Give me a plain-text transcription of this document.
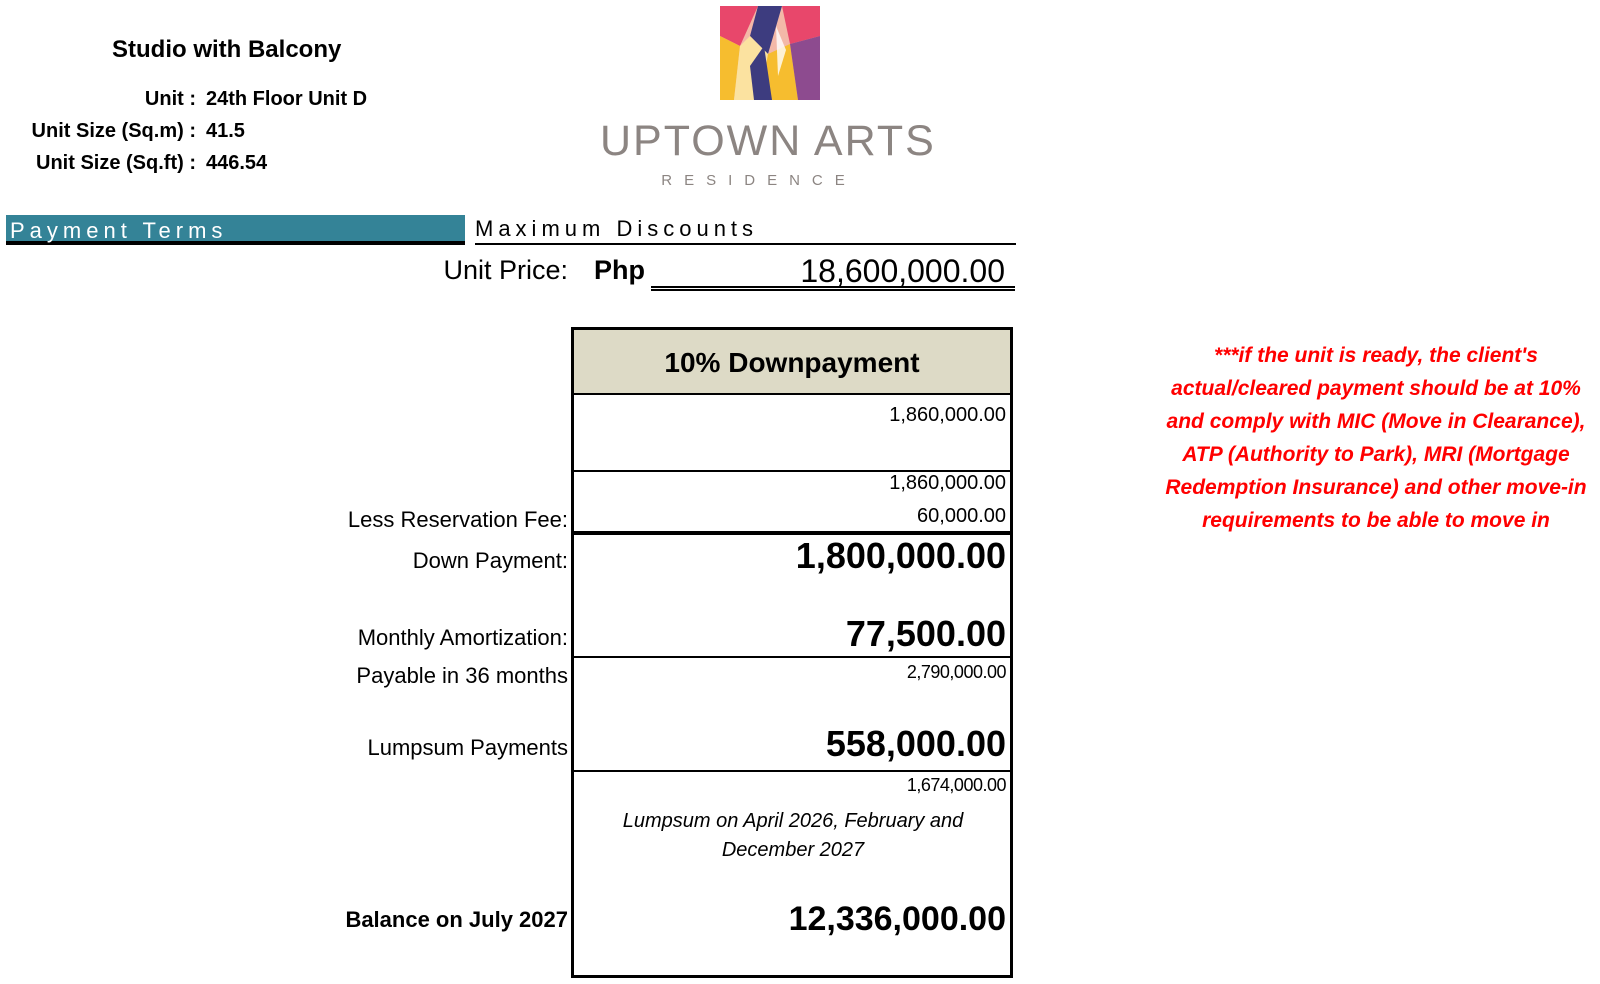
Studio with Balcony
Unit : 24th Floor Unit D
Unit Size (Sq.m) : 41.5
Unit Size (Sq.ft) : 446.54	UPTOWN ARTS
RESIDENCE
Payment Terms	Maximum Discounts
Unit Price: Php	18,600,000.00
10% Downpayment
1,860,000.00
1,860,000.00
Less Reservation Fee:	60,000.00
Down Payment:	1,800,000.00
Monthly Amortization:	77,500.00
Payable in 36 months	2,790,000.00
Lumpsum Payments	558,000.00
1,674,000.00
Lumpsum on April 2026, February and December 2027
Balance on July 2027	12,336,000.00
***if the unit is ready, the client's actual/cleared payment should be at 10% and comply with MIC (Move in Clearance), ATP (Authority to Park), MRI (Mortgage Redemption Insurance) and other move-in requirements to be able to move in
